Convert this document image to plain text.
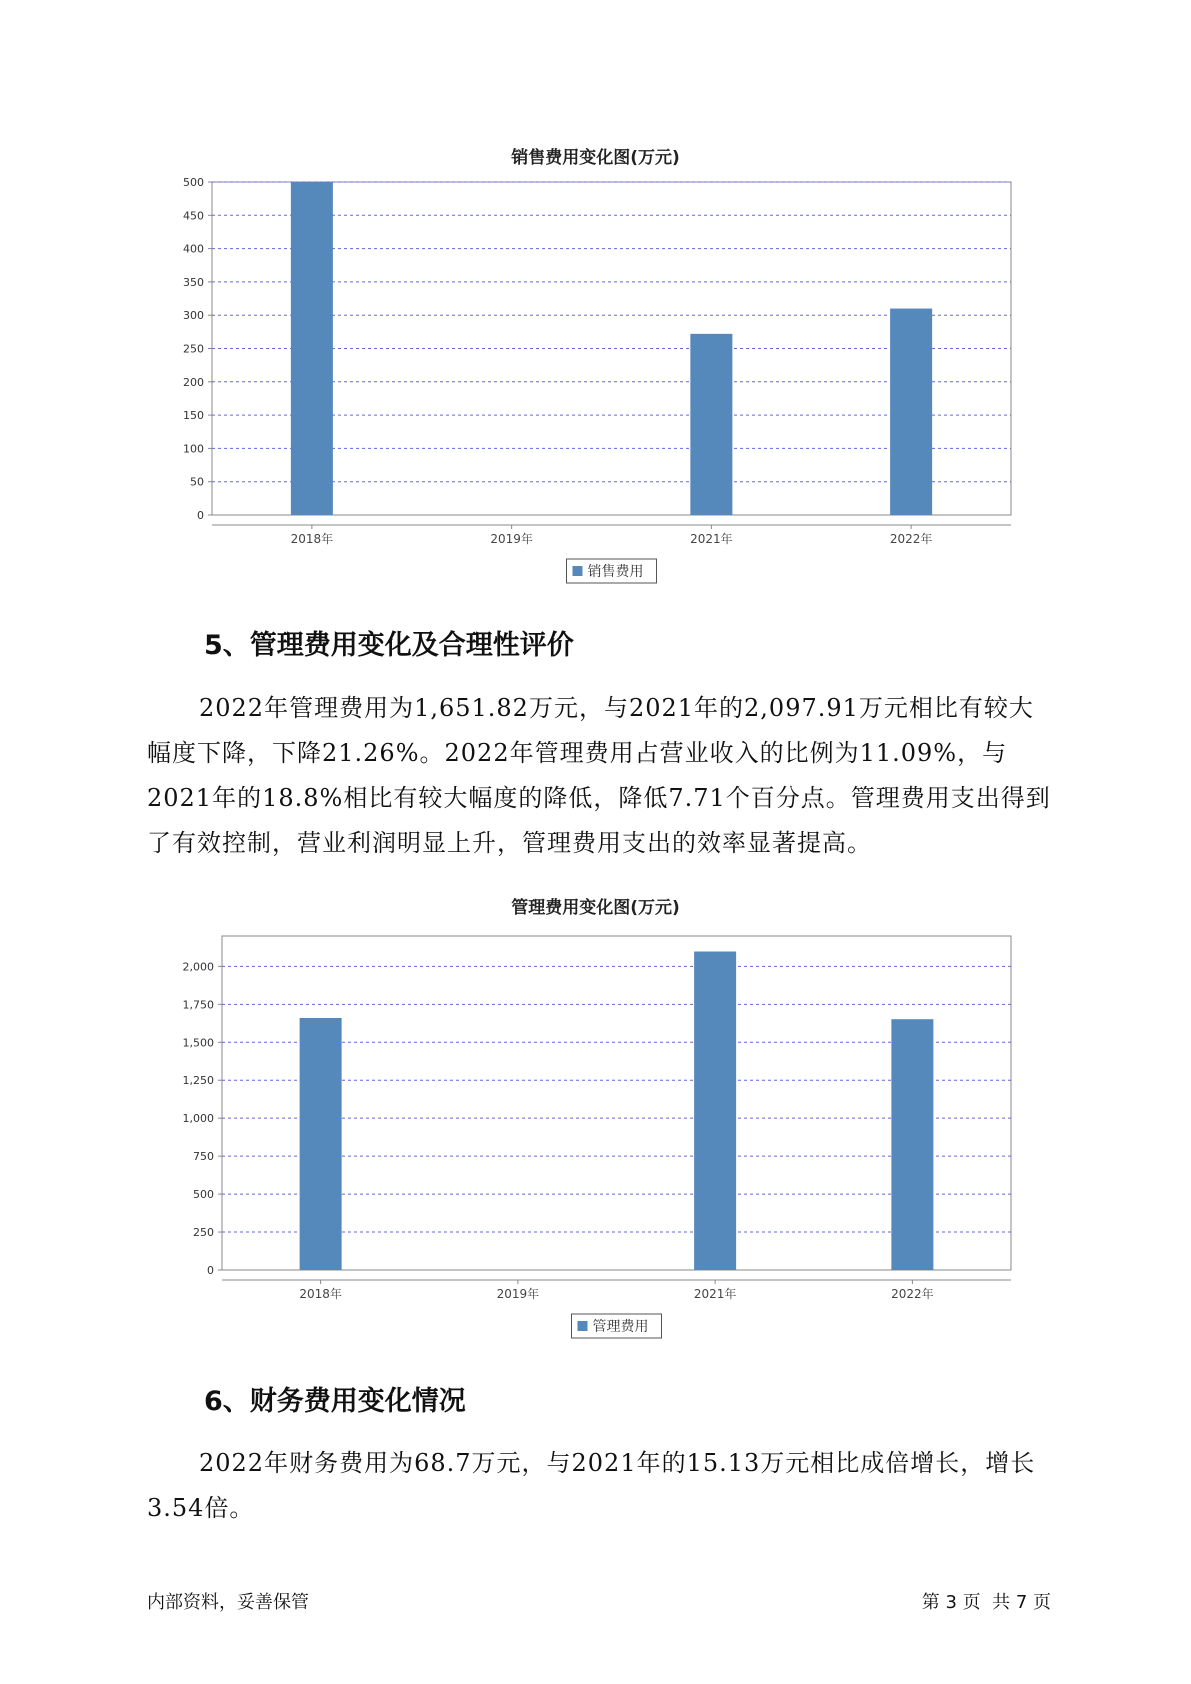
销售费用变化图(万元)
0
50
100
150
200
250
300
350
400
450
500
2018年	2019年	2021年	2022年
销售费用
5、管理费用变化及合理性评价

2022年管理费用为1,651.82万元，与2021年的2,097.91万元相比有较大幅度下降，下降21.26%。2022年管理费用占营业收入的比例为11.09%，与2021年的18.8%相比有较大幅度的降低，降低7.71个百分点。管理费用支出得到了有效控制，营业利润明显上升，管理费用支出的效率显著提高。

管理费用变化图(万元)
0
250
500
750
1,000
1,250
1,500
1,750
2,000
2018年	2019年	2021年	2022年
管理费用
6、财务费用变化情况

2022年财务费用为68.7万元，与2021年的15.13万元相比成倍增长，增长3.54倍。

内部资料，妥善保管	第 3 页  共 7 页
